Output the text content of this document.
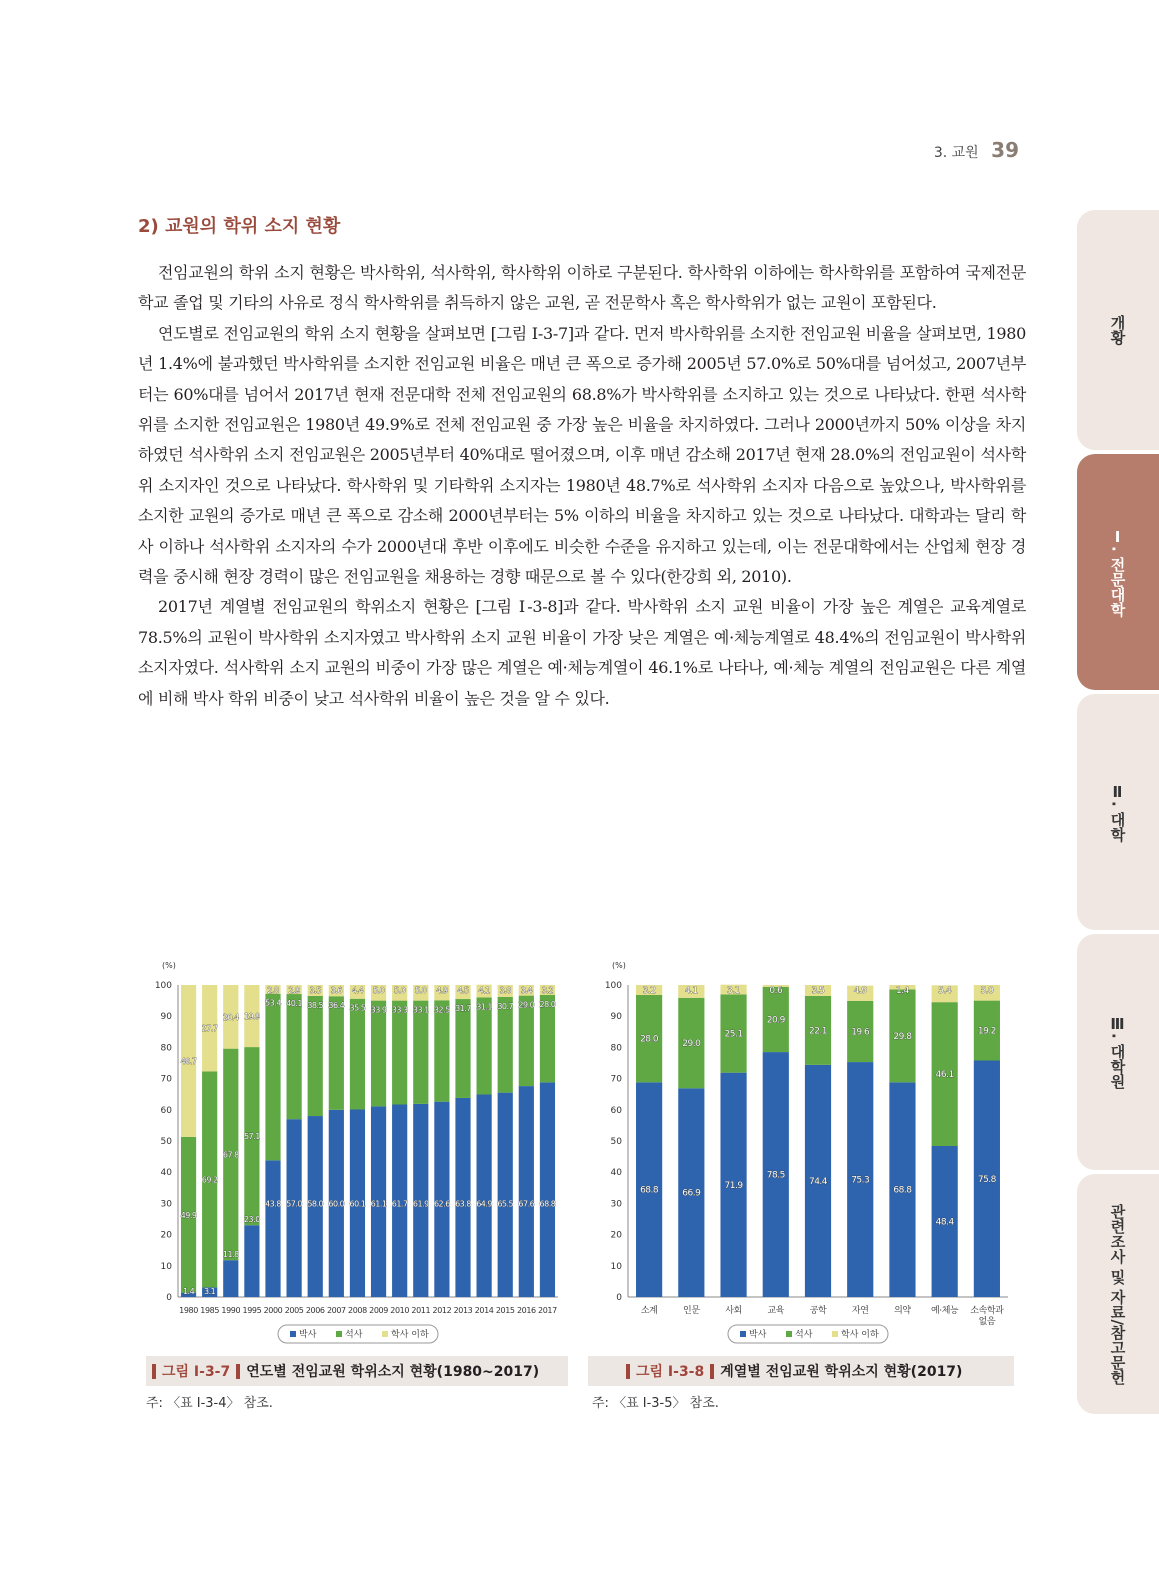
3. 교원 39
2) 교원의 학위 소지 현황

전임교원의 학위 소지 현황은 박사학위, 석사학위, 학사학위 이하로 구분된다. 학사학위 이하에는 학사학위를 포함하여 국제전문학교 졸업 및 기타의 사유로 정식 학사학위를 취득하지 않은 교원, 곧 전문학사 혹은 학사학위가 없는 교원이 포함된다.

연도별로 전임교원의 학위 소지 현황을 살펴보면 [그림 Ⅰ-3-7]과 같다. 먼저 박사학위를 소지한 전임교원 비율을 살펴보면, 1980년 1.4%에 불과했던 박사학위를 소지한 전임교원 비율은 매년 큰 폭으로 증가해 2005년 57.0%로 50%대를 넘어섰고, 2007년부터는 60%대를 넘어서 2017년 현재 전문대학 전체 전임교원의 68.8%가 박사학위를 소지하고 있는 것으로 나타났다. 한편 석사학위를 소지한 전임교원은 1980년 49.9%로 전체 전임교원 중 가장 높은 비율을 차지하였다. 그러나 2000년까지 50% 이상을 차지하였던 석사학위 소지 전임교원은 2005년부터 40%대로 떨어졌으며, 이후 매년 감소해 2017년 현재 28.0%의 전임교원이 석사학위 소지자인 것으로 나타났다. 학사학위 및 기타학위 소지자는 1980년 48.7%로 석사학위 소지자 다음으로 높았으나, 박사학위를 소지한 교원의 증가로 매년 큰 폭으로 감소해 2000년부터는 5% 이하의 비율을 차지하고 있는 것으로 나타났다. 대학과는 달리 학사 이하나 석사학위 소지자의 수가 2000년대 후반 이후에도 비슷한 수준을 유지하고 있는데, 이는 전문대학에서는 산업체 현장 경력을 중시해 현장 경력이 많은 전임교원을 채용하는 경향 때문으로 볼 수 있다(한강희 외, 2010).

2017년 계열별 전임교원의 학위소지 현황은 [그림 Ⅰ-3-8]과 같다. 박사학위 소지 교원 비율이 가장 높은 계열은 교육계열로 78.5%의 교원이 박사학위 소지자였고 박사학위 소지 교원 비율이 가장 낮은 계열은 예·체능계열로 48.4%의 전임교원이 박사학위 소지자였다. 석사학위 소지 교원의 비중이 가장 많은 계열은 예·체능계열이 46.1%로 나타나, 예·체능 계열의 전임교원은 다른 계열에 비해 박사 학위 비중이 낮고 석사학위 비율이 높은 것을 알 수 있다.

개황
Ⅰ. 전문대학
Ⅱ. 대학
Ⅲ. 대학원
관련조사 및 자료/참고문헌
(%)
0
10
20
30
40
50
60
70
80
90
100
1.4
49.9
48.7
1980
3.1
69.2
27.7
1985
11.8
67.8
20.4
1990
23.0
57.1
19.9
1995
43.8
53.4
2.8
2000
57.0
40.1
2.9
2005
58.0
38.5
3.5
2006
60.0
36.4
3.6
2007
60.1
35.5
4.4
2008
61.1
33.9
5.0
2009
61.7
33.3
5.0
2010
61.9
33.1
5.0
2011
62.6
32.5
4.9
2012
63.8
31.7
4.5
2013
64.9
31.1
4.1
2014
65.5
30.7
3.8
2015
67.6
29.0
3.4
2016
68.8
28.0
3.2
2017
박사	석사	학사 이하
(%)
0
10
20
30
40
50
60
70
80
90
100
68.8
28.0
3.2
소계
66.9
29.0
4.1
인문
71.9
25.1
3.1
사회
78.5
20.9
0.6
교육
74.4
22.1
3.5
공학
75.3
19.6
4.9
자연
68.8
29.8
1.4
의약
48.4
46.1
5.4
예·체능
75.8
19.2
5.0
소속학과
없음
박사	석사	학사 이하
그림 Ⅰ-3-7 연도별 전임교원 학위소지 현황(1980~2017)	그림 Ⅰ-3-8 계열별 전임교원 학위소지 현황(2017)
주: 〈표 Ⅰ-3-4〉 참조.	주: 〈표 Ⅰ-3-5〉 참조.
